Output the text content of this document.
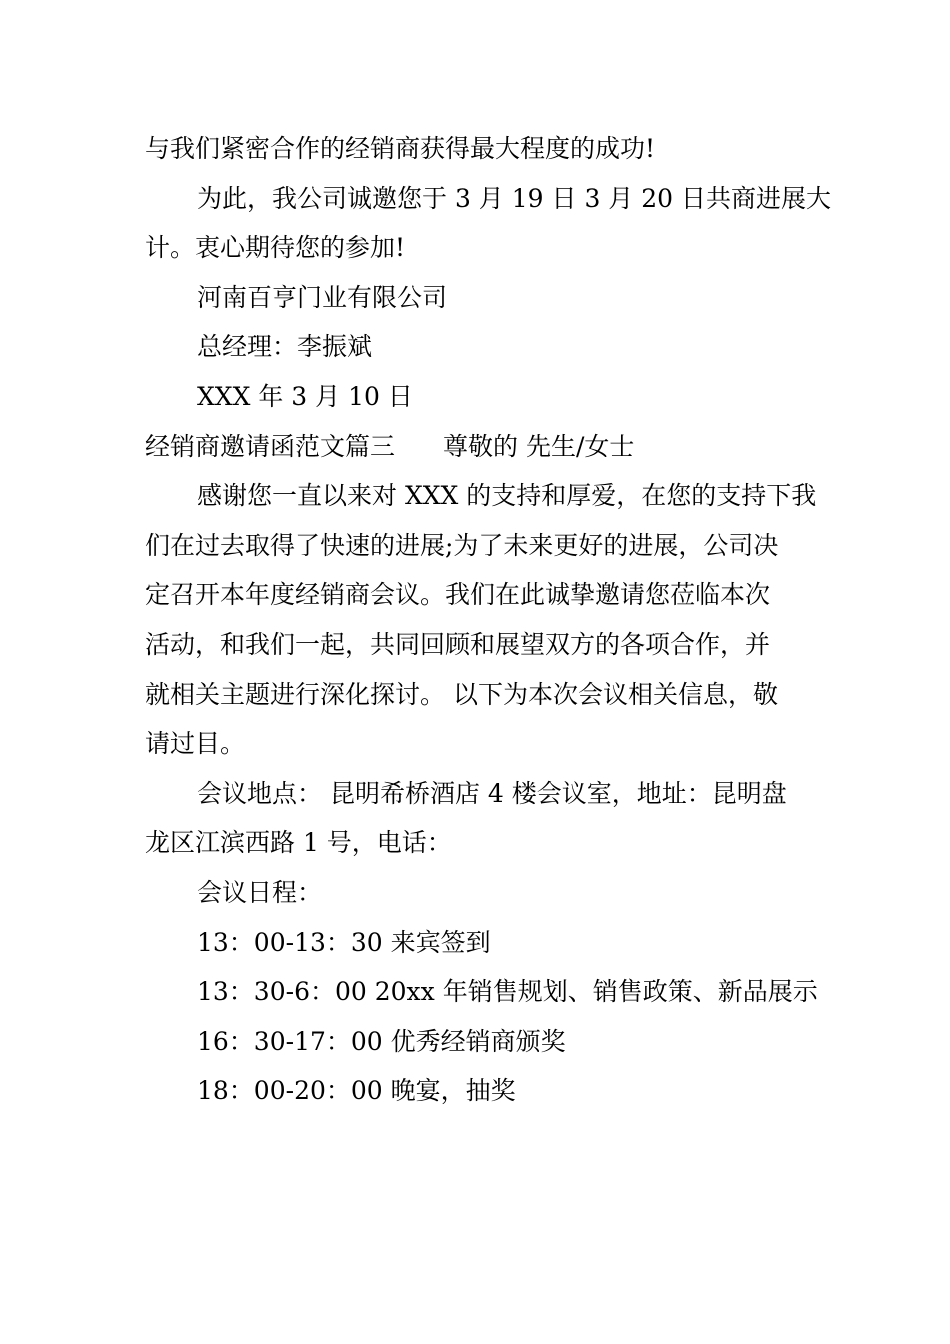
与我们紧密合作的经销商获得最大程度的成功!
为此，我公司诚邀您于 3 月 19 日 3 月 20 日共商进展大
计。衷心期待您的参加!
河南百亨门业有限公司
总经理：李振斌
XXX 年 3 月 10 日
经销商邀请函范文篇三 尊敬的 先生/女士
感谢您一直以来对 XXX 的支持和厚爱，在您的支持下我
们在过去取得了快速的进展;为了未来更好的进展，公司决
定召开本年度经销商会议。我们在此诚挚邀请您莅临本次
活动，和我们一起，共同回顾和展望双方的各项合作，并
就相关主题进行深化探讨。 以下为本次会议相关信息，敬
请过目。
会议地点： 昆明希桥酒店 4 楼会议室，地址：昆明盘
龙区江滨西路 1 号，电话：
会议日程：
13：00-13：30 来宾签到
13：30-6：00 20xx 年销售规划、销售政策、新品展示
16：30-17：00 优秀经销商颁奖
18：00-20：00 晚宴，抽奖
